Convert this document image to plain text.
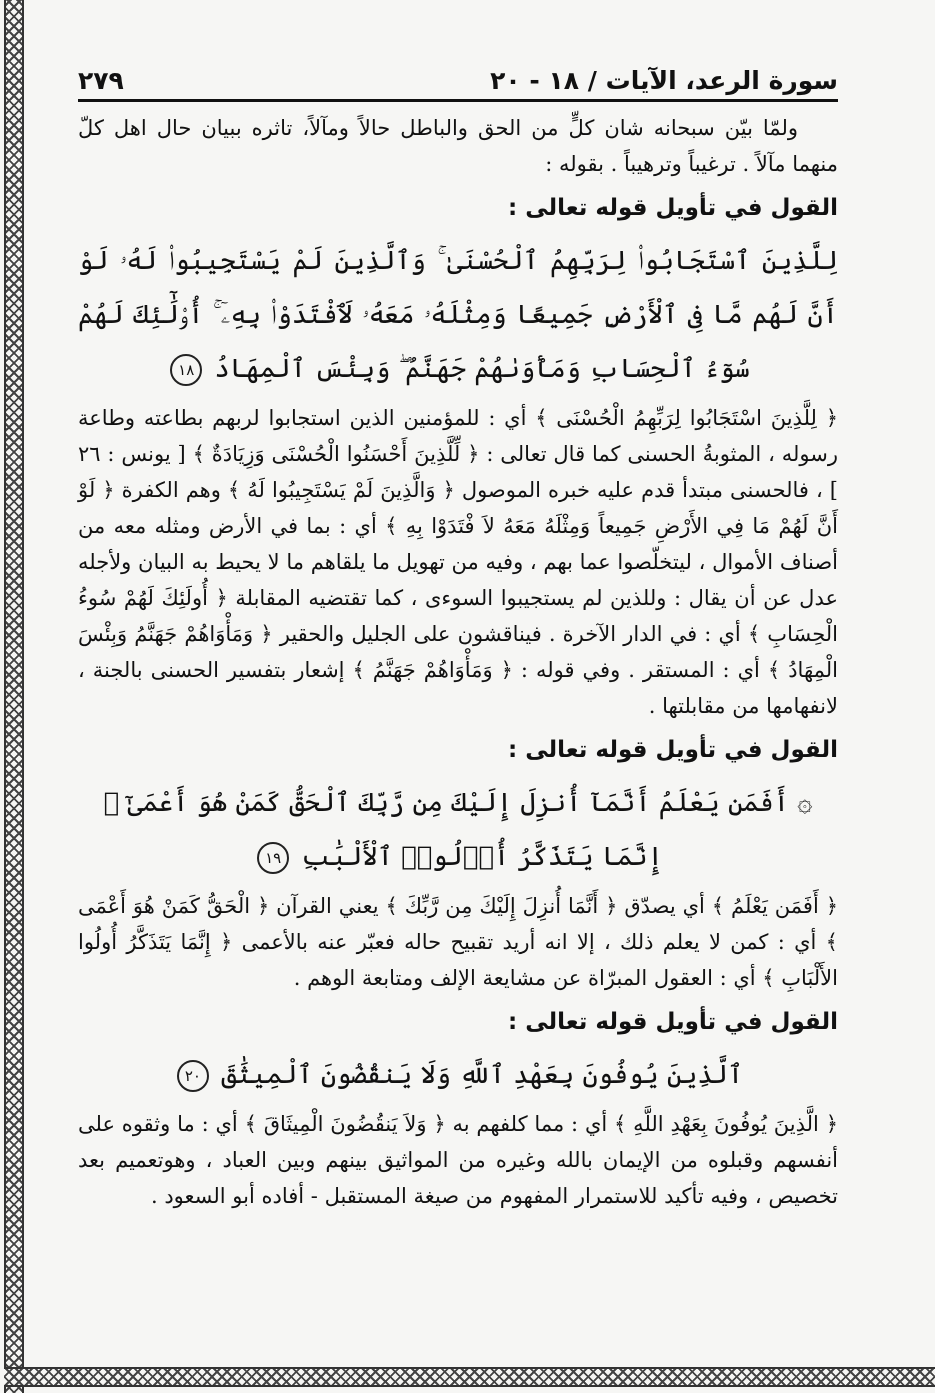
سورة الرعد، الآيات / ١٨ - ٢٠
٢٧٩

ولمّا بيّن سبحانه شان كلٍّ من الحق والباطل حالاً ومآلاً، تاثره ببيان حال اهل كلّ منهما مآلاً . ترغيباً وترهيباً . بقوله :

القول في تأويل قوله تعالى :
لِلَّذِينَ ٱسْتَجَابُوا۟ لِرَبِّهِمُ ٱلْحُسْنَىٰ ۚ وَٱلَّذِينَ لَمْ يَسْتَجِيبُوا۟ لَهُۥ لَوْ أَنَّ لَهُم مَّا فِى ٱلْأَرْضِ جَمِيعًا وَمِثْلَهُۥ مَعَهُۥ لَٱفْتَدَوْا۟ بِهِۦٓ ۚ أُو۟لَٰٓئِكَ لَهُمْ سُوٓءُ ٱلْحِسَابِ وَمَأْوَىٰهُمْ جَهَنَّمُ ۖ وَبِئْسَ ٱلْمِهَادُ ١٨

﴿ لِلَّذِينَ اسْتَجَابُوا لِرَبِّهِمُ الْحُسْنَى ﴾ أي : للمؤمنين الذين استجابوا لربهم بطاعته وطاعة رسوله ، المثوبةُ الحسنى كما قال تعالى : ﴿ لِّلَّذِينَ أَحْسَنُوا الْحُسْنَى وَزِيَادَةٌ ﴾ [ يونس : ٢٦ ] ، فالحسنى مبتدأ قدم عليه خبره الموصول ﴿ وَالَّذِينَ لَمْ يَسْتَجِيبُوا لَهُ ﴾ وهم الكفرة ﴿ لَوْ أَنَّ لَهُمْ مَا فِي الأَرْضِ جَمِيعاً وَمِثْلَهُ مَعَهُ لاَ فْتَدَوْا بِهِ ﴾ أي : بما في الأرض ومثله معه من أصناف الأموال ، ليتخلّصوا عما بهم ، وفيه من تهويل ما يلقاهم ما لا يحيط به البيان ولأجله عدل عن أن يقال : وللذين لم يستجيبوا السوءى ، كما تقتضيه المقابلة ﴿ أُولَئِكَ لَهُمْ سُوءُ الْحِسَابِ ﴾ أي : في الدار الآخرة . فيناقشون على الجليل والحقير ﴿ وَمَأْوَاهُمْ جَهَنَّمُ وَبِئْسَ الْمِهَادُ ﴾ أي : المستقر . وفي قوله : ﴿ وَمَأْوَاهُمْ جَهَنَّمُ ﴾ إشعار بتفسير الحسنى بالجنة ، لانفهامها من مقابلتها .

القول في تأويل قوله تعالى :
۞ أَفَمَن يَعْلَمُ أَنَّمَآ أُنزِلَ إِلَيْكَ مِن رَّبِّكَ ٱلْحَقُّ كَمَنْ هُوَ أَعْمَىٰٓ ۚ إِنَّمَا يَتَذَكَّرُ أُو۟لُوا۟ ٱلْأَلْبَٰبِ ١٩

﴿ أَفَمَن يَعْلَمُ ﴾ أي يصدّق ﴿ أَنَّمَا أُنزِلَ إِلَيْكَ مِن رَّبِّكَ ﴾ يعني القرآن ﴿ الْحَقُّ كَمَنْ هُوَ أَعْمَى ﴾ أي : كمن لا يعلم ذلك ، إلا انه أريد تقبيح حاله فعبّر عنه بالأعمى ﴿ إِنَّمَا يَتَذَكَّرُ أُولُوا الأَلْبَابِ ﴾ أي : العقول المبرّاة عن مشايعة الإلف ومتابعة الوهم .

القول في تأويل قوله تعالى :
ٱلَّذِينَ يُوفُونَ بِعَهْدِ ٱللَّهِ وَلَا يَنقُضُونَ ٱلْمِيثَٰقَ ٢٠

﴿ الَّذِينَ يُوفُونَ بِعَهْدِ اللَّهِ ﴾ أي : مما كلفهم به ﴿ وَلاَ يَنقُضُونَ الْمِيثَاقَ ﴾ أي : ما وثقوه على أنفسهم وقبلوه من الإيمان بالله وغيره من المواثيق بينهم وبين العباد ، وهوتعميم بعد تخصيص ، وفيه تأكيد للاستمرار المفهوم من صيغة المستقبل - أفاده أبو السعود .
